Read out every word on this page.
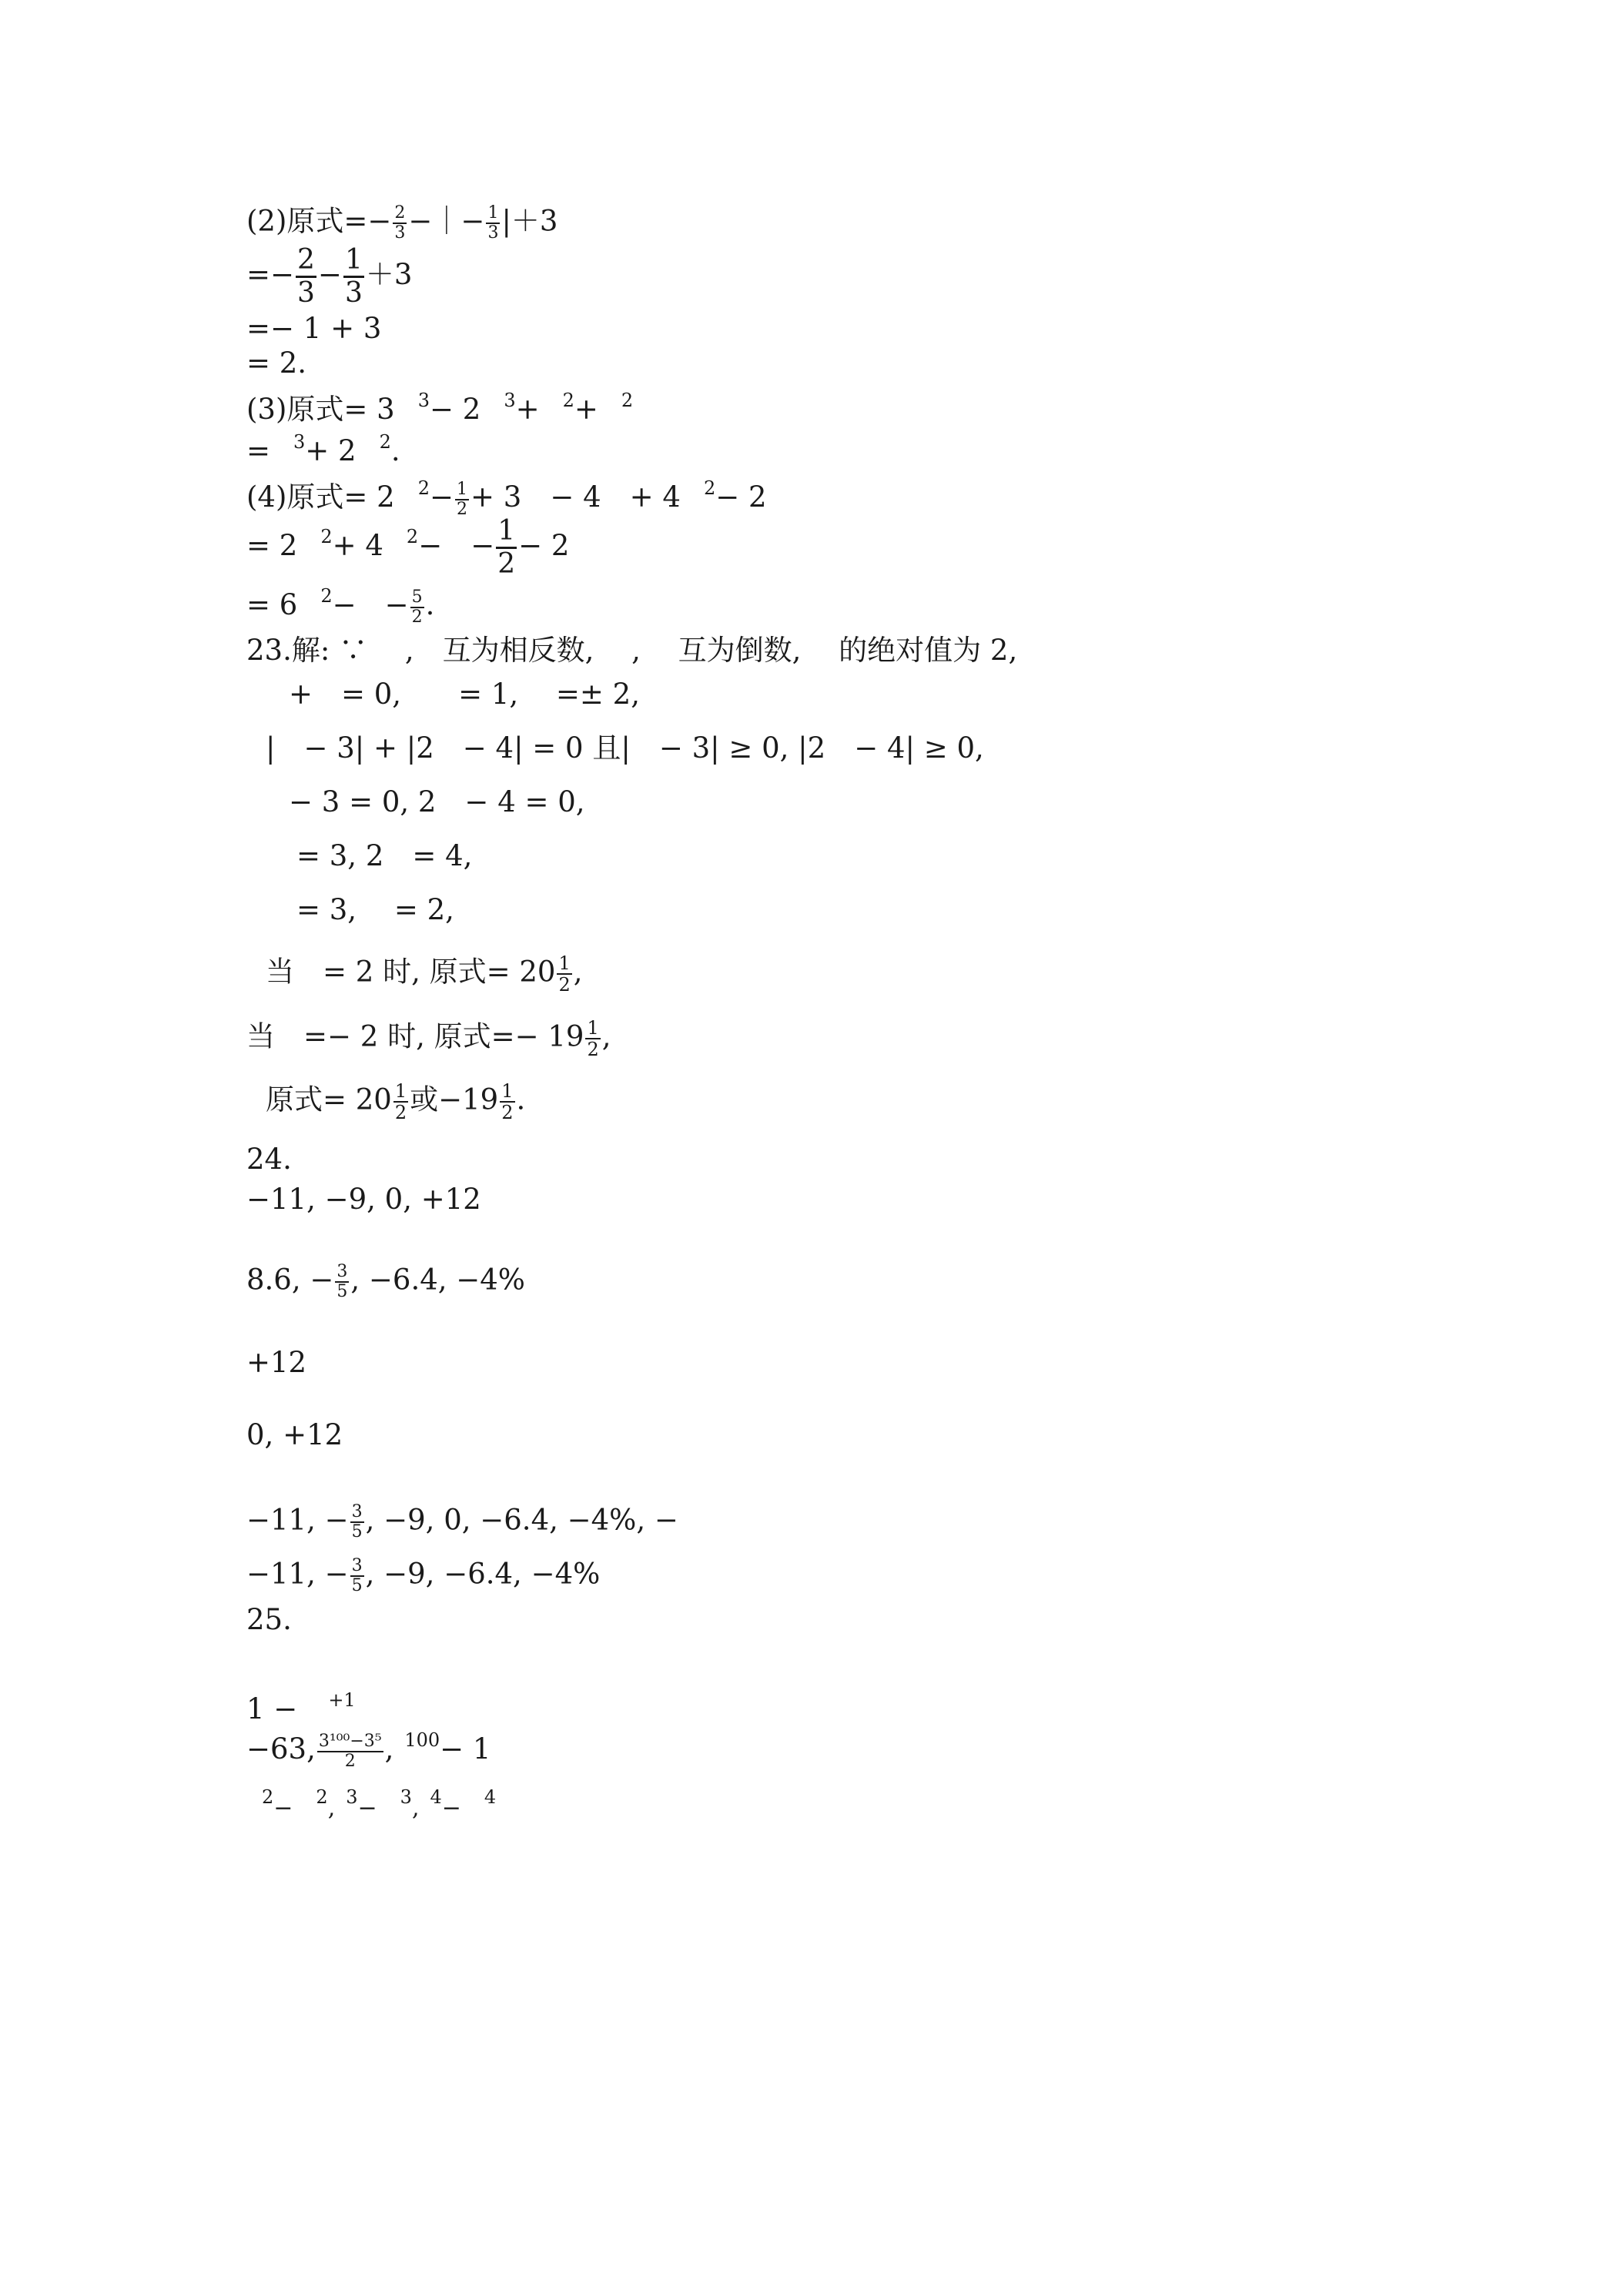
(2)原式=− $\frac{2}{3}$ −｜− $\frac{1}{3} |+3$
=− $\frac{2}{3} - \frac{1}{3} +3$
=− 1 + 3
= 2.
(3)原式= 3 $^3$− 2 $^3$+ $^2$+ $^2$
= $^3$+ 2 $^2$.
(4)原式= 2 $^2- \frac{1}{2} + 3$　− 4　+ 4 $^2$− 2
= 2 $^2$+ 4 $^2$−　− $\frac{1}{2} - 2$
= 6 $^2$−　− $\frac{5}{2}$ .
23.解: ∵　 ,　互为相反数,　 ,　 互为倒数,　 的绝对值为 2,
+　= 0,　　= 1,　 =± 2,
|　− 3| + |2　− 4| = 0 且|　− 3| ≥ 0, |2　− 4| ≥ 0,
− 3 = 0, 2　− 4 = 0,
= 3, 2　= 4,
= 3,　 = 2,
当　= 2 时, 原式= $20 \frac{1}{2}$ ,
当　=− 2 时, 原式=− $19 \frac{1}{2}$ ,
原式= $20 \frac{1}{2}$ 或$-19 \frac{1}{2}$ .
24.
−11, −9, 0, +12
8.6, − $\frac{3}{5}$ , −6.4, −4%
+12
0, +12
−11, − $\frac{3}{5}$ , −9, 0, −6.4, −4%, −
−11, − $\frac{3}{5}$ , −9, −6.4, −4%
25.
1 − $^{+1}$
−63, $\frac{\text{3¹⁰⁰−3⁵}}{2}$ , $^{100}$− 1
$^2$− $^2$, $^3$− $^3$, $^4$− $^4$
